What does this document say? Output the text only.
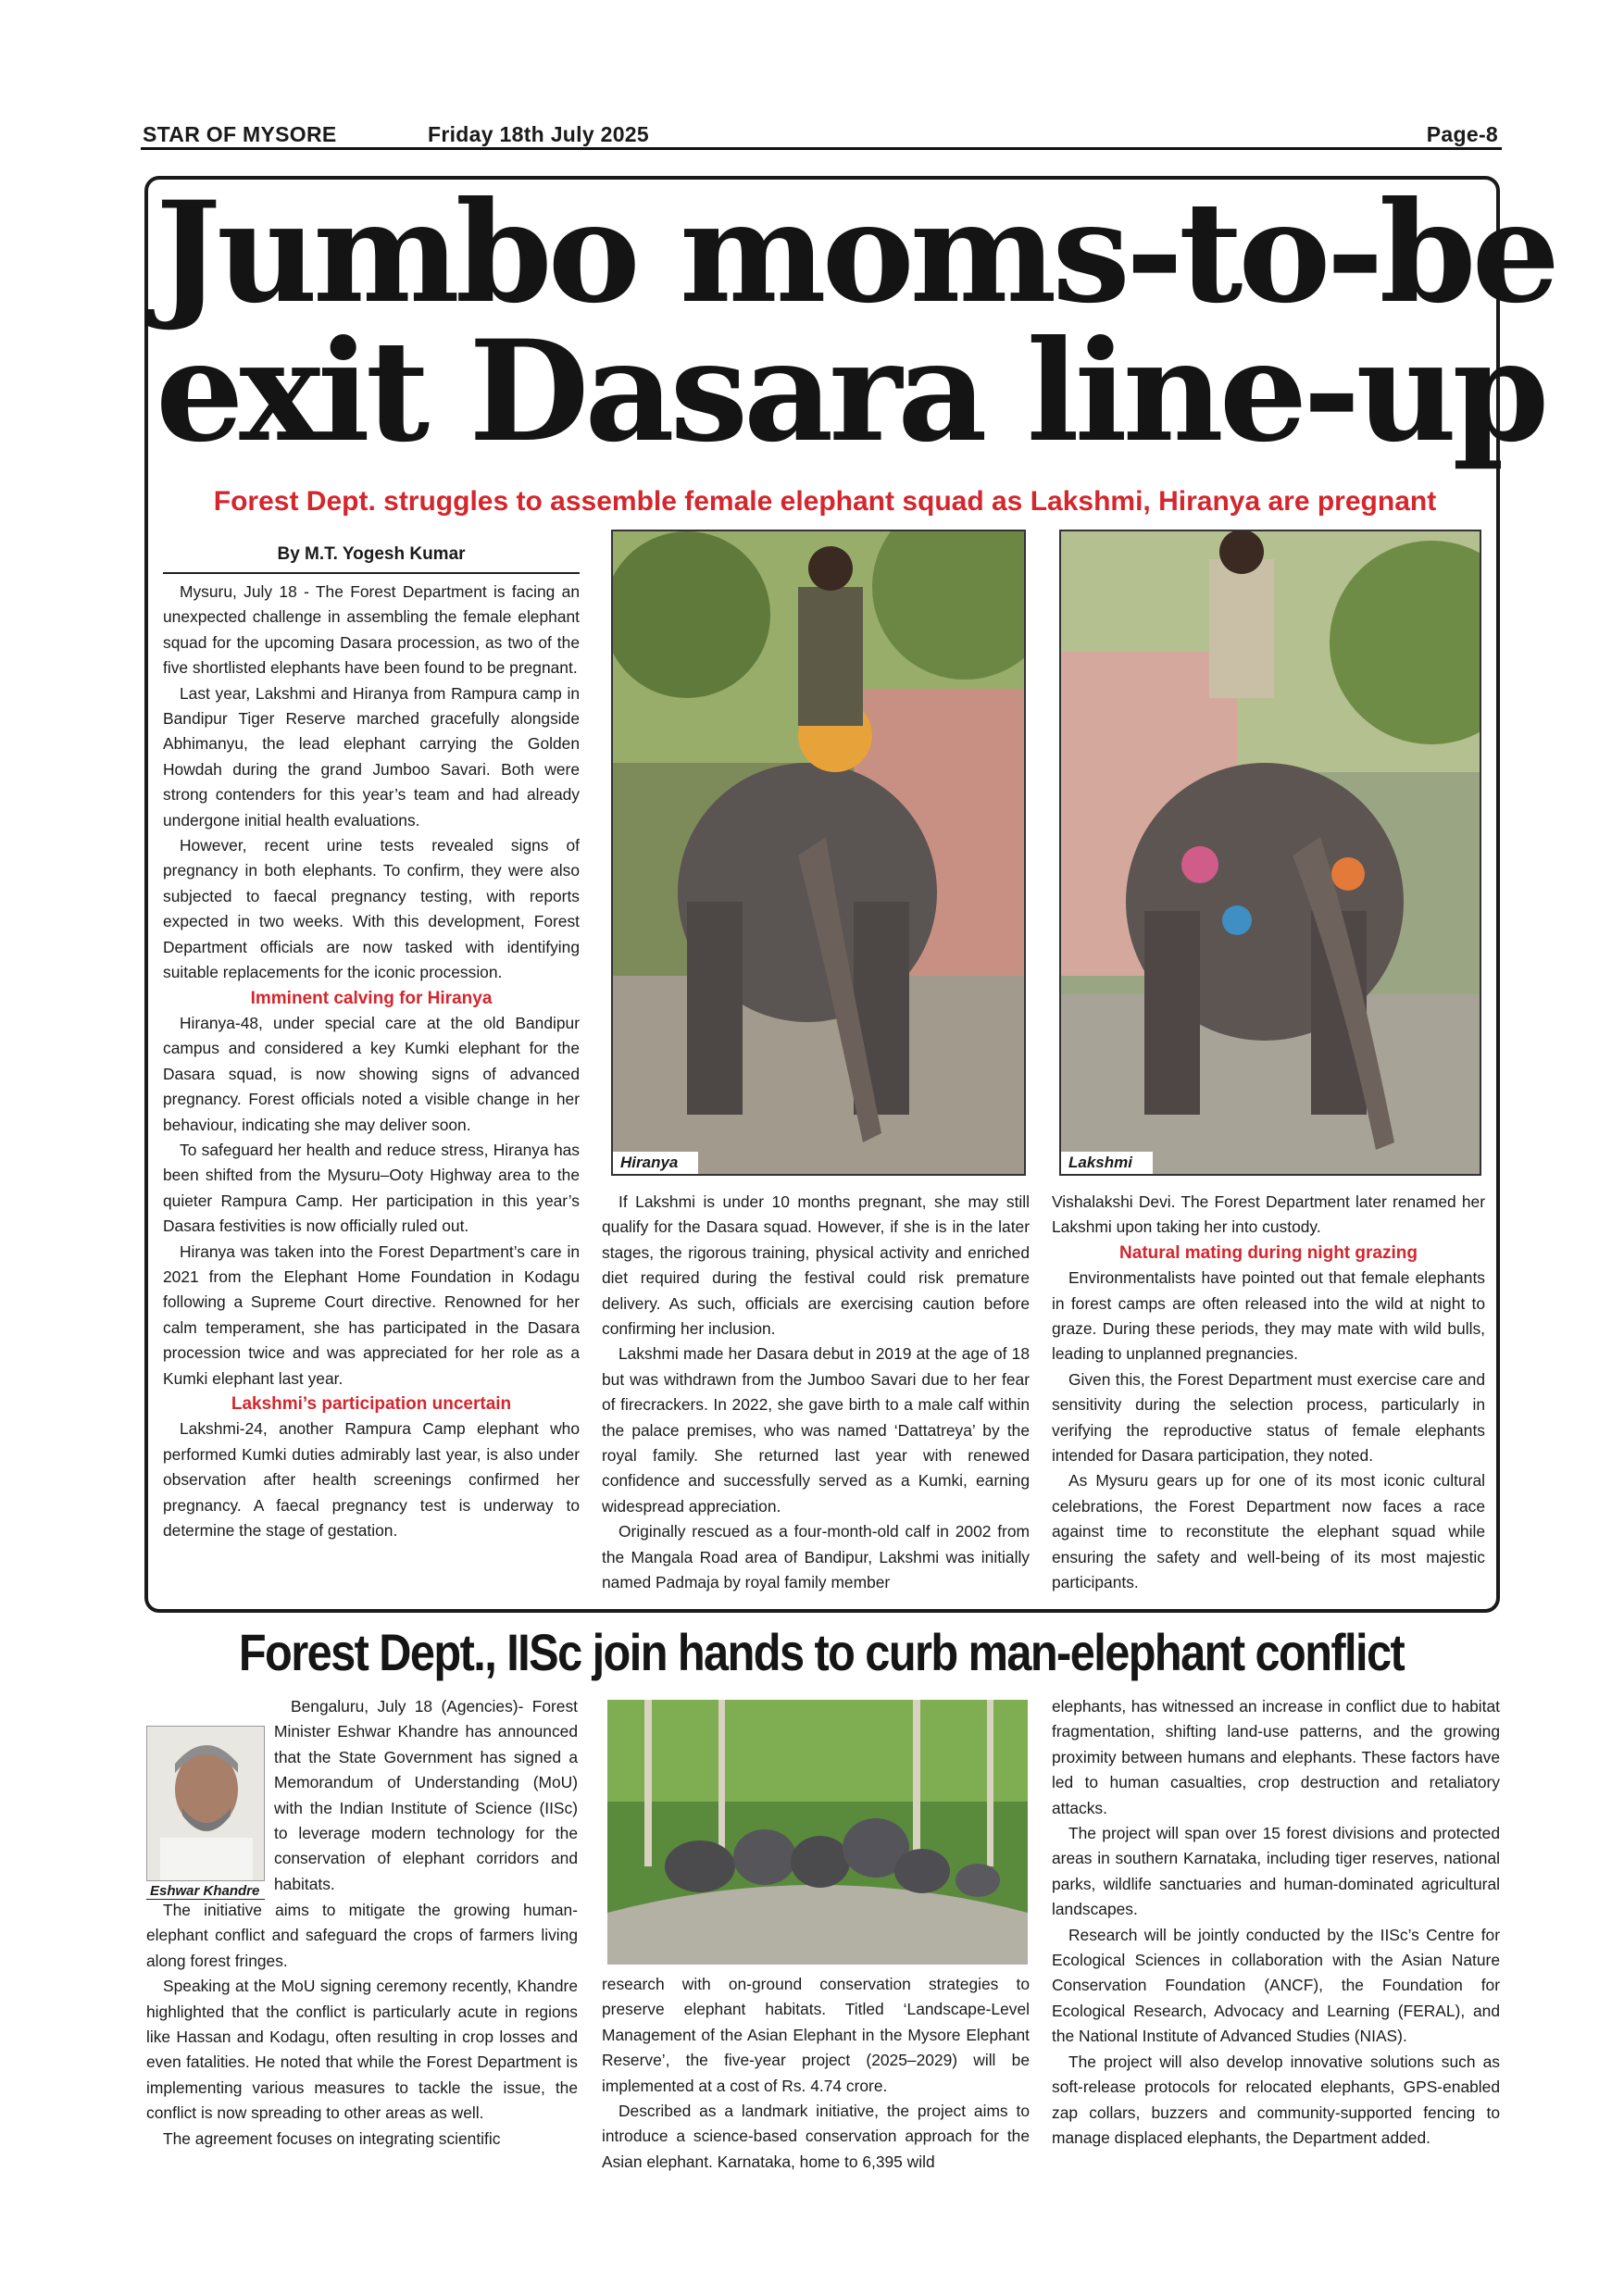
STAR OF MYSORE	Friday 18th July 2025	Page-8
Jumbo moms-to-be
exit Dasara line-up
Forest Dept. struggles to assemble female elephant squad as Lakshmi, Hiranya are pregnant
By M.T. Yogesh Kumar

Mysuru, July 18 - The Forest Department is facing an unexpected challenge in assembling the female elephant squad for the upcoming Dasara procession, as two of the five shortlisted elephants have been found to be pregnant.

Last year, Lakshmi and Hiranya from Rampura camp in Bandipur Tiger Reserve marched gracefully alongside Abhimanyu, the lead elephant carrying the Golden Howdah during the grand Jumboo Savari. Both were strong contenders for this year’s team and had already undergone initial health evaluations.

However, recent urine tests revealed signs of pregnancy in both elephants. To confirm, they were also subjected to faecal pregnancy testing, with reports expected in two weeks. With this development, Forest Department officials are now tasked with identifying suitable replacements for the iconic procession.

Imminent calving for Hiranya

Hiranya-48, under special care at the old Bandipur campus and considered a key Kumki elephant for the Dasara squad, is now showing signs of advanced pregnancy. Forest officials noted a visible change in her behaviour, indicating she may deliver soon.

To safeguard her health and reduce stress, Hiranya has been shifted from the Mysuru–Ooty Highway area to the quieter Rampura Camp. Her participation in this year’s Dasara festivities is now officially ruled out.

Hiranya was taken into the Forest Department’s care in 2021 from the Elephant Home Foundation in Kodagu following a Supreme Court directive. Renowned for her calm temperament, she has participated in the Dasara procession twice and was appreciated for her role as a Kumki elephant last year.

Lakshmi’s participation uncertain

Lakshmi-24, another Rampura Camp elephant who performed Kumki duties admirably last year, is also under observation after health screenings confirmed her pregnancy. A faecal pregnancy test is underway to determine the stage of gestation.

Hiranya	Lakshmi

If Lakshmi is under 10 months pregnant, she may still qualify for the Dasara squad. However, if she is in the later stages, the rigorous training, physical activity and enriched diet required during the festival could risk premature delivery. As such, officials are exercising caution before confirming her inclusion.

Lakshmi made her Dasara debut in 2019 at the age of 18 but was withdrawn from the Jumboo Savari due to her fear of firecrackers. In 2022, she gave birth to a male calf within the palace premises, who was named ‘Dattatreya’ by the royal family. She returned last year with renewed confidence and successfully served as a Kumki, earning widespread appreciation.

Originally rescued as a four-month-old calf in 2002 from the Mangala Road area of Bandipur, Lakshmi was initially named Padmaja by royal family member

Vishalakshi Devi. The Forest Department later renamed her Lakshmi upon taking her into custody.

Natural mating during night grazing

Environmentalists have pointed out that female elephants in forest camps are often released into the wild at night to graze. During these periods, they may mate with wild bulls, leading to unplanned pregnancies.

Given this, the Forest Department must exercise care and sensitivity during the selection process, particularly in verifying the reproductive status of female elephants intended for Dasara participation, they noted.

As Mysuru gears up for one of its most iconic cultural celebrations, the Forest Department now faces a race against time to reconstitute the elephant squad while ensuring the safety and well-being of its most majestic participants.

Forest Dept., IISc join hands to curb man-elephant conflict
Eshwar Khandre

Bengaluru, July 18 (Agencies)- Forest Minister Eshwar Khandre has announced that the State Government has signed a Memorandum of Understanding (MoU) with the Indian Institute of Science (IISc) to leverage modern technology for the conservation of elephant corridors and habitats.

The initiative aims to mitigate the growing human-elephant conflict and safeguard the crops of farmers living along forest fringes.

Speaking at the MoU signing ceremony recently, Khandre highlighted that the conflict is particularly acute in regions like Hassan and Kodagu, often resulting in crop losses and even fatalities. He noted that while the Forest Department is implementing various measures to tackle the issue, the conflict is now spreading to other areas as well.

The agreement focuses on integrating scientific

research with on-ground conservation strategies to preserve elephant habitats. Titled ‘Landscape-Level Management of the Asian Elephant in the Mysore Elephant Reserve’, the five-year project (2025–2029) will be implemented at a cost of Rs. 4.74 crore.

Described as a landmark initiative, the project aims to introduce a science-based conservation approach for the Asian elephant. Karnataka, home to 6,395 wild

elephants, has witnessed an increase in conflict due to habitat fragmentation, shifting land-use patterns, and the growing proximity between humans and elephants. These factors have led to human casualties, crop destruction and retaliatory attacks.

The project will span over 15 forest divisions and protected areas in southern Karnataka, including tiger reserves, national parks, wildlife sanctuaries and human-dominated agricultural landscapes.

Research will be jointly conducted by the IISc’s Centre for Ecological Sciences in collaboration with the Asian Nature Conservation Foundation (ANCF), the Foundation for Ecological Research, Advocacy and Learning (FERAL), and the National Institute of Advanced Studies (NIAS).

The project will also develop innovative solutions such as soft-release protocols for relocated elephants, GPS-enabled zap collars, buzzers and community-supported fencing to manage displaced elephants, the Department added.
